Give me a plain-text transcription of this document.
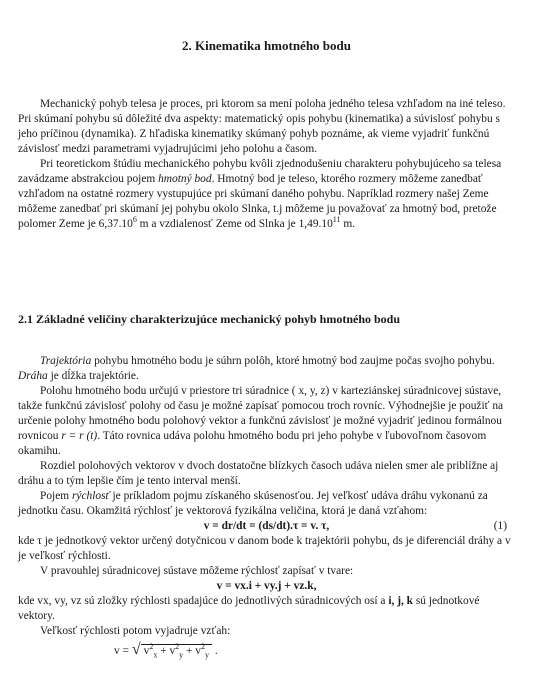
2. Kinematika hmotného bodu

Mechanický pohyb telesa je proces, pri ktorom sa mení poloha jedného telesa vzhľadom na iné teleso. Pri skúmaní pohybu sú dôležité dva aspekty: matematický opis pohybu (kinematika) a súvislosť pohybu s jeho príčinou (dynamika). Z hľadiska kinematiky skúmaný pohyb poznáme, ak vieme vyjadriť funkčnú závislosť medzi parametrami vyjadrujúcimi jeho polohu a časom.

Pri teoretickom štúdiu mechanického pohybu kvôli zjednodušeniu charakteru pohybujúceho sa telesa zavádzame abstrakciou pojem hmotný bod. Hmotný bod je teleso, ktorého rozmery môžeme zanedbať vzhľadom na ostatné rozmery vystupujúce pri skúmaní daného pohybu. Napríklad rozmery našej Zeme môžeme zanedbať pri skúmaní jej pohybu okolo Slnka, t.j môžeme ju považovať za hmotný bod, pretože polomer Zeme je 6,37.10$^6$ m a vzdialenosť Zeme od Slnka je 1,49.10$^{11}$ m.

2.1 Základné veličiny charakterizujúce mechanický pohyb hmotného bodu

Trajektória pohybu hmotného bodu je súhrn polôh, ktoré hmotný bod zaujme počas svojho pohybu. Dráha je dĺžka trajektórie.

Polohu hmotného bodu určujú v priestore tri súradnice ( x, y, z) v karteziánskej súradnicovej sústave, takže funkčnú závislosť polohy od času je možné zapísať pomocou troch rovníc. Výhodnejšie je použiť na určenie polohy hmotného bodu polohový vektor a funkčnú závislosť je možné vyjadriť jedinou formálnou rovnicou r = r (t). Táto rovnica udáva polohu hmotného bodu pri jeho pohybe v ľubovoľnom časovom okamihu.

Rozdiel polohových vektorov v dvoch dostatočne blízkych časoch udáva nielen smer ale priblížne aj dráhu a to tým lepšie čím je tento interval menší.

Pojem rýchlosť je príkladom pojmu získaného skúsenosťou. Jej veľkosť udáva dráhu vykonanú za jednotku času. Okamžitá rýchlosť je vektorová fyzikálna veličina, ktorá je daná vzťahom:

v = dr/dt = (ds/dt).τ = v. τ,	(1)

kde τ je jednotkový vektor určený dotyčnicou v danom bode k trajektórii pohybu, ds je diferenciál dráhy a v je veľkosť rýchlosti.

V pravouhlej súradnicovej sústave môžeme rýchlosť zapísať v tvare:

v = vx.i + vy.j + vz.k,

kde vx, vy, vz sú zložky rýchlosti spadajúce do jednotlivých súradnicových osí a i, j, k sú jednotkové vektory.

Veľkosť rýchlosti potom vyjadruje vzťah:

v = √ $v^2_x + v^2_y + v^2_y$ .
